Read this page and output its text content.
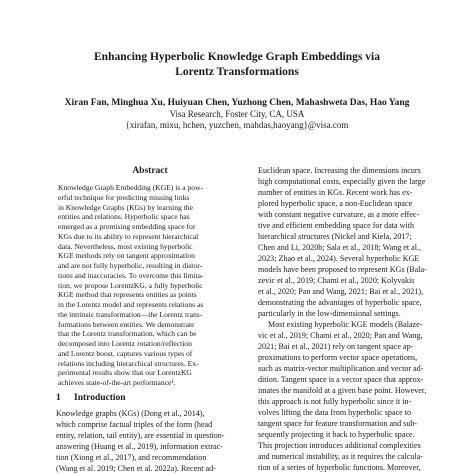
Enhancing Hyperbolic Knowledge Graph Embeddings via
Lorentz Transformations
Xiran Fan, Minghua Xu, Huiyuan Chen, Yuzhong Chen, Mahashweta Das, Hao Yang
Visa Research, Foster City, CA, USA
{xirafan, mixu, hchen, yuzchen, mahdas,haoyang}@visa.com
Abstract
Knowledge Graph Embedding (KGE) is a pow-
erful technique for predicting missing links
in Knowledge Graphs (KGs) by learning the
entities and relations. Hyperbolic space has
emerged as a promising embedding space for
KGs due to its ability to represent hierarchical
data. Nevertheless, most existing hyperbolic
KGE methods rely on tangent approximation
and are not fully hyperbolic, resulting in distor-
tions and inaccuracies. To overcome this limita-
tion, we propose LorentzKG, a fully hyperbolic
KGE method that represents entities as points
in the Lorentz model and represents relations as
the intrinsic transformation—the Lorentz trans-
formations between entities. We demonstrate
that the Lorentz transformation, which can be
decomposed into Lorentz rotation/reflection
and Lorentz boost, captures various types of
relations including hierarchical structures. Ex-
perimental results show that our LorentzKG
achieves state-of-the-art performance¹.
1 Introduction
Knowledge graphs (KGs) (Dong et al., 2014),
which comprise factual triples of the form (head
entity, relation, tail entity), are essential in question-
answering (Huang et al., 2019), information extrac-
tion (Xiong et al., 2017), and recommendation
(Wang et al. 2019; Chen et al. 2022a). Recent ad-
Euclidean space. Increasing the dimensions incurs
high computational costs, especially given the large
number of entities in KGs. Recent work has ex-
plored hyperbolic space, a non-Euclidean space
with constant negative curvature, as a more effec-
tive and efficient embedding space for data with
hierarchical structures (Nickel and Kiela, 2017;
Chen and Li, 2020b; Sala et al., 2018; Wang et al.,
2023; Zhao et al., 2024). Several hyperbolic KGE
models have been proposed to represent KGs (Bala-
zevic et al., 2019; Chami et al., 2020; Kolyvakis
et al., 2020; Pan and Wang, 2021; Bai et al., 2021),
demonstrating the advantages of hyperbolic space,
particularly in the low-dimensional settings.
Most existing hyperbolic KGE models (Balaze-
vic et al., 2019; Chami et al., 2020; Pan and Wang,
2021; Bai et al., 2021) rely on tangent space ap-
proximations to perform vector space operations,
such as matrix-vector multiplication and vector ad-
dition. Tangent space is a vector space that approx-
imates the manifold at a given base point. However,
this approach is not fully hyperbolic since it in-
volves lifting the data from hyperbolic space to
tangent space for feature transformation and sub-
sequently projecting it back to hyperbolic space.
This projection introduces additional complexities
and numerical instability, as it requires the calcula-
tion of a series of hyperbolic functions. Moreover,
